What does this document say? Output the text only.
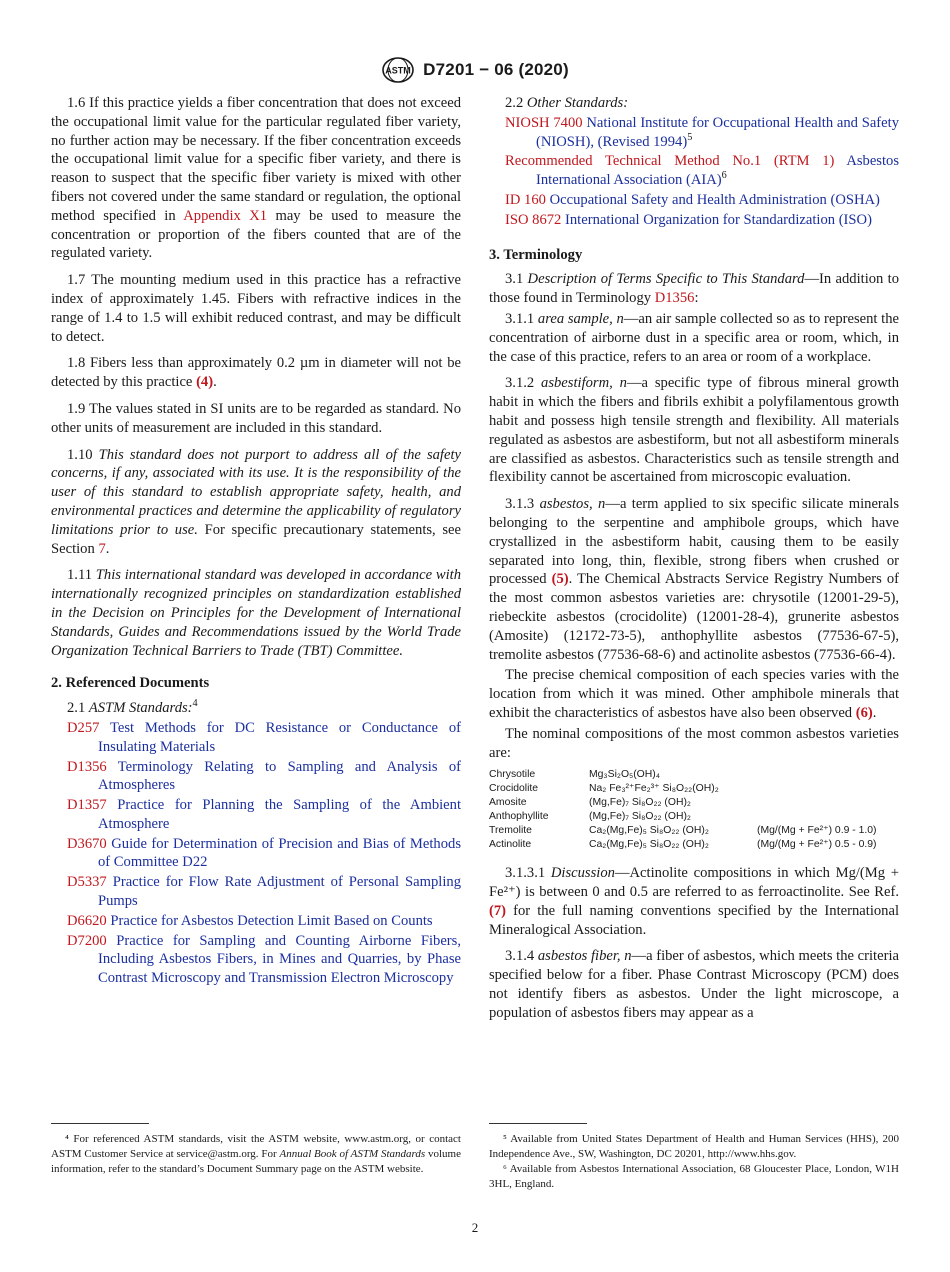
ASTM D7201 − 06 (2020)

1.6 If this practice yields a fiber concentration that does not exceed the occupational limit value for the particular regulated fiber variety, no further action may be necessary. If the fiber concentration exceeds the occupational limit value for a specific fiber variety, and there is reason to suspect that the specific fiber variety is mixed with other fibers not covered under the same standard or regulation, the optional method specified in Appendix X1 may be used to measure the concentration or proportion of the fibers counted that are of the regulated variety.

1.7 The mounting medium used in this practice has a refractive index of approximately 1.45. Fibers with refractive indices in the range of 1.4 to 1.5 will exhibit reduced contrast, and may be difficult to detect.

1.8 Fibers less than approximately 0.2 µm in diameter will not be detected by this practice (4).

1.9 The values stated in SI units are to be regarded as standard. No other units of measurement are included in this standard.

1.10 This standard does not purport to address all of the safety concerns, if any, associated with its use. It is the responsibility of the user of this standard to establish appropriate safety, health, and environmental practices and determine the applicability of regulatory limitations prior to use. For specific precautionary statements, see Section 7.

1.11 This international standard was developed in accordance with internationally recognized principles on standardization established in the Decision on Principles for the Development of International Standards, Guides and Recommendations issued by the World Trade Organization Technical Barriers to Trade (TBT) Committee.

2. Referenced Documents

2.1 ASTM Standards:$^4$

D257 Test Methods for DC Resistance or Conductance of Insulating Materials

D1356 Terminology Relating to Sampling and Analysis of Atmospheres

D1357 Practice for Planning the Sampling of the Ambient Atmosphere

D3670 Guide for Determination of Precision and Bias of Methods of Committee D22

D5337 Practice for Flow Rate Adjustment of Personal Sampling Pumps

D6620 Practice for Asbestos Detection Limit Based on Counts

D7200 Practice for Sampling and Counting Airborne Fibers, Including Asbestos Fibers, in Mines and Quarries, by Phase Contrast Microscopy and Transmission Electron Microscopy

2.2 Other Standards:

NIOSH 7400 National Institute for Occupational Health and Safety (NIOSH), (Revised 1994)$^5$

Recommended Technical Method No.1 (RTM 1) Asbestos International Association (AIA)$^6$

ID 160 Occupational Safety and Health Administration (OSHA)

ISO 8672 International Organization for Standardization (ISO)

3. Terminology

3.1 Description of Terms Specific to This Standard—In addition to those found in Terminology D1356:

3.1.1 area sample, n—an air sample collected so as to represent the concentration of airborne dust in a specific area or room, which, in the case of this practice, refers to an area or room of a workplace.

3.1.2 asbestiform, n—a specific type of fibrous mineral growth habit in which the fibers and fibrils exhibit a polyfilamentous growth habit and possess high tensile strength and flexibility. All materials regulated as asbestos are asbestiform, but not all asbestiform minerals are classified as asbestos. Characteristics such as tensile strength and flexibility cannot be ascertained from microscopic evaluation.

3.1.3 asbestos, n—a term applied to six specific silicate minerals belonging to the serpentine and amphibole groups, which have crystallized in the asbestiform habit, causing them to be easily separated into long, thin, flexible, strong fibers when crushed or processed (5). The Chemical Abstracts Service Registry Numbers of the most common asbestos varieties are: chrysotile (12001-29-5), riebeckite asbestos (crocidolite) (12001-28-4), grunerite asbestos (Amosite) (12172-73-5), anthophyllite asbestos (77536-67-5), tremolite asbestos (77536-68-6) and actinolite asbestos (77536-66-4).

The precise chemical composition of each species varies with the location from which it was mined. Other amphibole minerals that exhibit the characteristics of asbestos have also been observed (6).

The nominal compositions of the most common asbestos varieties are:

Chrysotile	Mg₃Si₂O₅(OH)₄	
Crocidolite	Na₂ Fe₃²⁺Fe₂³⁺ Si₈O₂₂(OH)₂	
Amosite	(Mg,Fe)₇ Si₈O₂₂ (OH)₂	
Anthophyllite	(Mg,Fe)₇ Si₈O₂₂ (OH)₂	
Tremolite	Ca₂(Mg,Fe)₅ Si₈O₂₂ (OH)₂	(Mg/(Mg + Fe²⁺) 0.9 - 1.0)
Actinolite	Ca₂(Mg,Fe)₅ Si₈O₂₂ (OH)₂	(Mg/(Mg + Fe²⁺) 0.5 - 0.9)

3.1.3.1 Discussion—Actinolite compositions in which Mg/(Mg + Fe²⁺) is between 0 and 0.5 are referred to as ferroactinolite. See Ref. (7) for the full naming conventions specified by the International Mineralogical Association.

3.1.4 asbestos fiber, n—a fiber of asbestos, which meets the criteria specified below for a fiber. Phase Contrast Microscopy (PCM) does not identify fibers as asbestos. Under the light microscope, a population of asbestos fibers may appear as a

⁴ For referenced ASTM standards, visit the ASTM website, www.astm.org, or contact ASTM Customer Service at service@astm.org. For Annual Book of ASTM Standards volume information, refer to the standard’s Document Summary page on the ASTM website.

⁵ Available from United States Department of Health and Human Services (HHS), 200 Independence Ave., SW, Washington, DC 20201, http://www.hhs.gov.

⁶ Available from Asbestos International Association, 68 Gloucester Place, London, W1H 3HL, England.

2
